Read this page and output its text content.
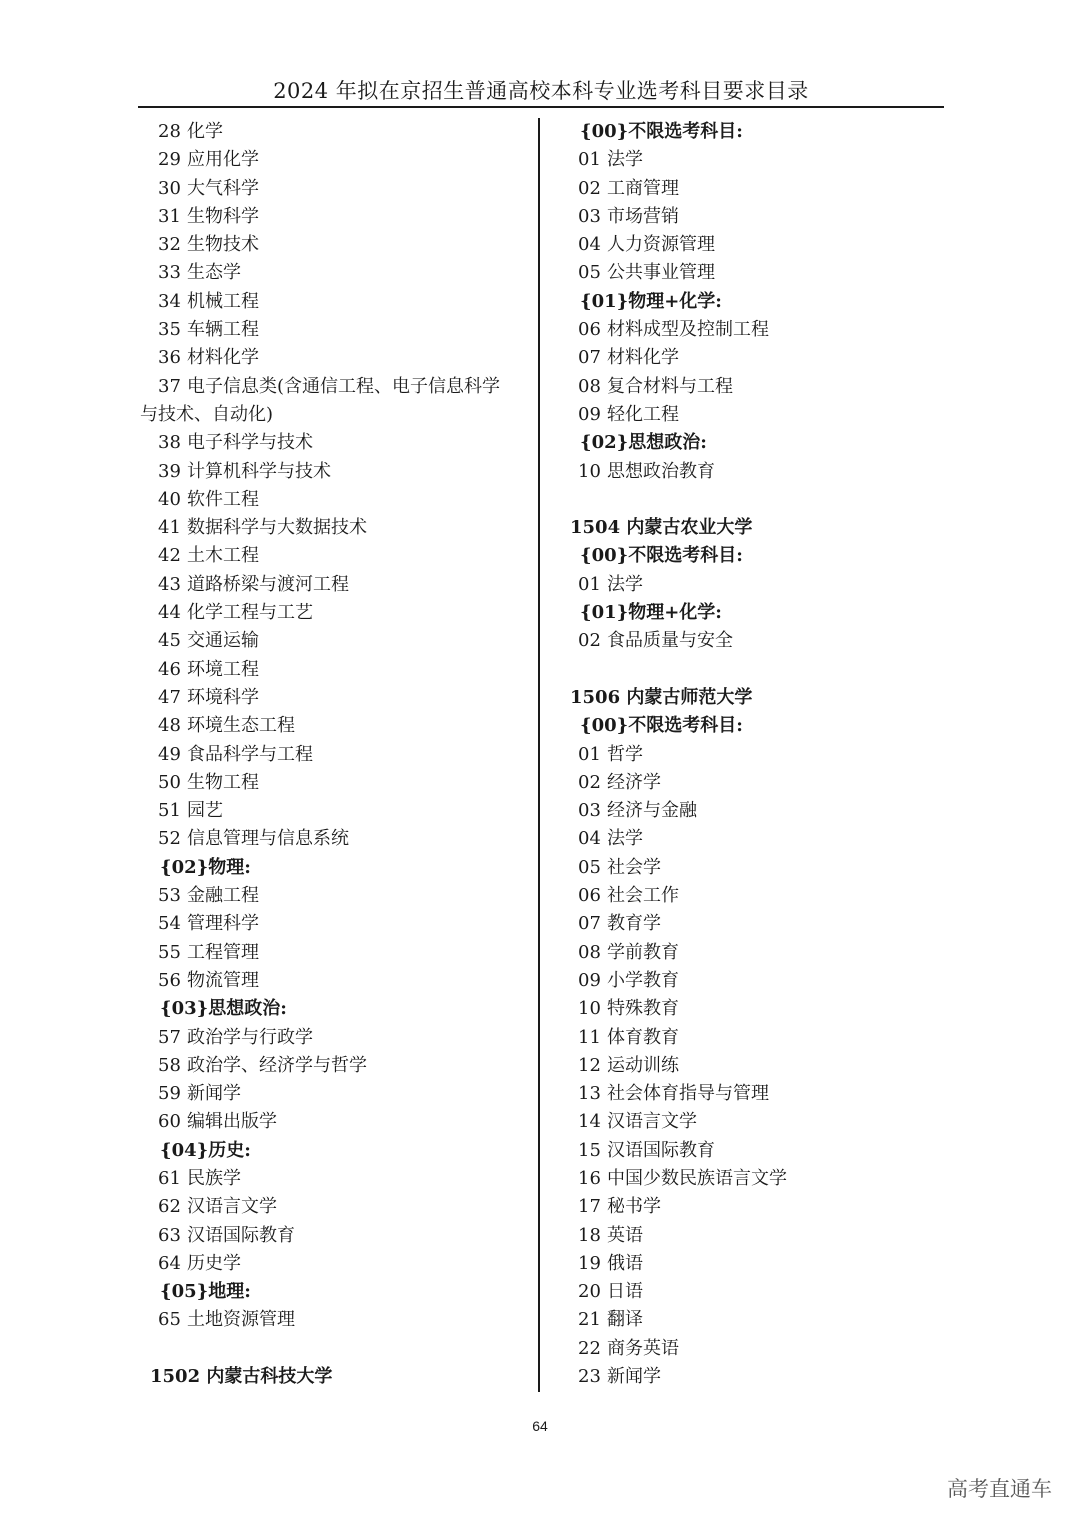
2024 年拟在京招生普通高校本科专业选考科目要求目录
28 化学
29 应用化学
30 大气科学
31 生物科学
32 生物技术
33 生态学
34 机械工程
35 车辆工程
36 材料化学
37 电子信息类(含通信工程、电子信息科学
与技术、自动化)
38 电子科学与技术
39 计算机科学与技术
40 软件工程
41 数据科学与大数据技术
42 土木工程
43 道路桥梁与渡河工程
44 化学工程与工艺
45 交通运输
46 环境工程
47 环境科学
48 环境生态工程
49 食品科学与工程
50 生物工程
51 园艺
52 信息管理与信息系统
{02}物理:
53 金融工程
54 管理科学
55 工程管理
56 物流管理
{03}思想政治:
57 政治学与行政学
58 政治学、经济学与哲学
59 新闻学
60 编辑出版学
{04}历史:
61 民族学
62 汉语言文学
63 汉语国际教育
64 历史学
{05}地理:
65 土地资源管理
1502 内蒙古科技大学
{00}不限选考科目:
01 法学
02 工商管理
03 市场营销
04 人力资源管理
05 公共事业管理
{01}物理+化学:
06 材料成型及控制工程
07 材料化学
08 复合材料与工程
09 轻化工程
{02}思想政治:
10 思想政治教育
1504 内蒙古农业大学
{00}不限选考科目:
01 法学
{01}物理+化学:
02 食品质量与安全
1506 内蒙古师范大学
{00}不限选考科目:
01 哲学
02 经济学
03 经济与金融
04 法学
05 社会学
06 社会工作
07 教育学
08 学前教育
09 小学教育
10 特殊教育
11 体育教育
12 运动训练
13 社会体育指导与管理
14 汉语言文学
15 汉语国际教育
16 中国少数民族语言文学
17 秘书学
18 英语
19 俄语
20 日语
21 翻译
22 商务英语
23 新闻学
64
高考直通车
